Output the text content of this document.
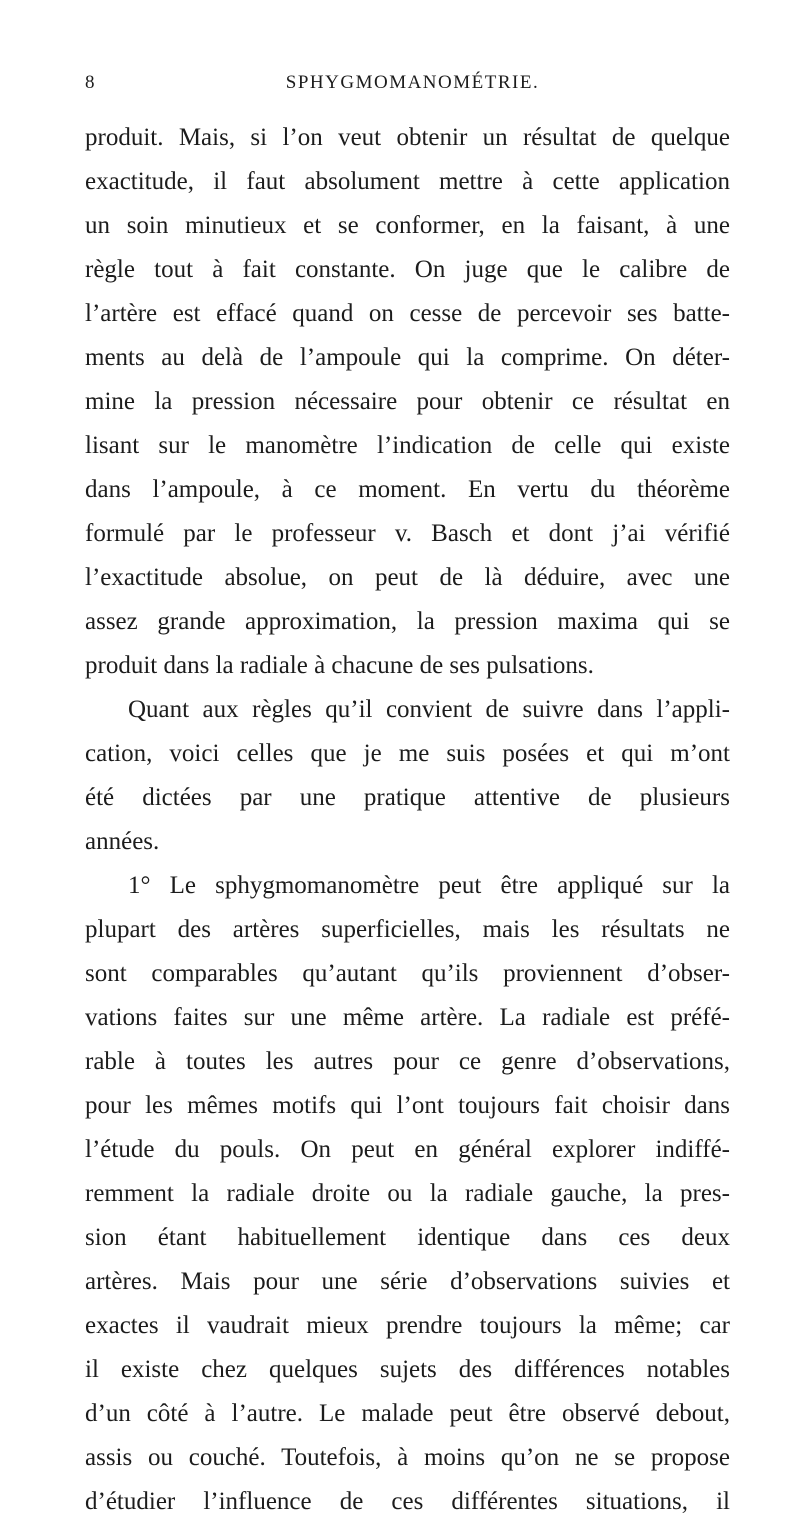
8	SPHYGMOMANOMÉTRIE.
produit. Mais, si l’on veut obtenir un résultat de quelque
exactitude, il faut absolument mettre à cette application
un soin minutieux et se conformer, en la faisant, à une
règle tout à fait constante. On juge que le calibre de
l’artère est effacé quand on cesse de percevoir ses batte-
ments au delà de l’ampoule qui la comprime. On déter-
mine la pression nécessaire pour obtenir ce résultat en
lisant sur le manomètre l’indication de celle qui existe
dans l’ampoule, à ce moment. En vertu du théorème
formulé par le professeur v. Basch et dont j’ai vérifié
l’exactitude absolue, on peut de là déduire, avec une
assez grande approximation, la pression maxima qui se
produit dans la radiale à chacune de ses pulsations.
Quant aux règles qu’il convient de suivre dans l’appli-
cation, voici celles que je me suis posées et qui m’ont
été dictées par une pratique attentive de plusieurs
années.
1° Le sphygmomanomètre peut être appliqué sur la
plupart des artères superficielles, mais les résultats ne
sont comparables qu’autant qu’ils proviennent d’obser-
vations faites sur une même artère. La radiale est préfé-
rable à toutes les autres pour ce genre d’observations,
pour les mêmes motifs qui l’ont toujours fait choisir dans
l’étude du pouls. On peut en général explorer indiffé-
remment la radiale droite ou la radiale gauche, la pres-
sion étant habituellement identique dans ces deux
artères. Mais pour une série d’observations suivies et
exactes il vaudrait mieux prendre toujours la même; car
il existe chez quelques sujets des différences notables
d’un côté à l’autre. Le malade peut être observé debout,
assis ou couché. Toutefois, à moins qu’on ne se propose
d’étudier l’influence de ces différentes situations, il
